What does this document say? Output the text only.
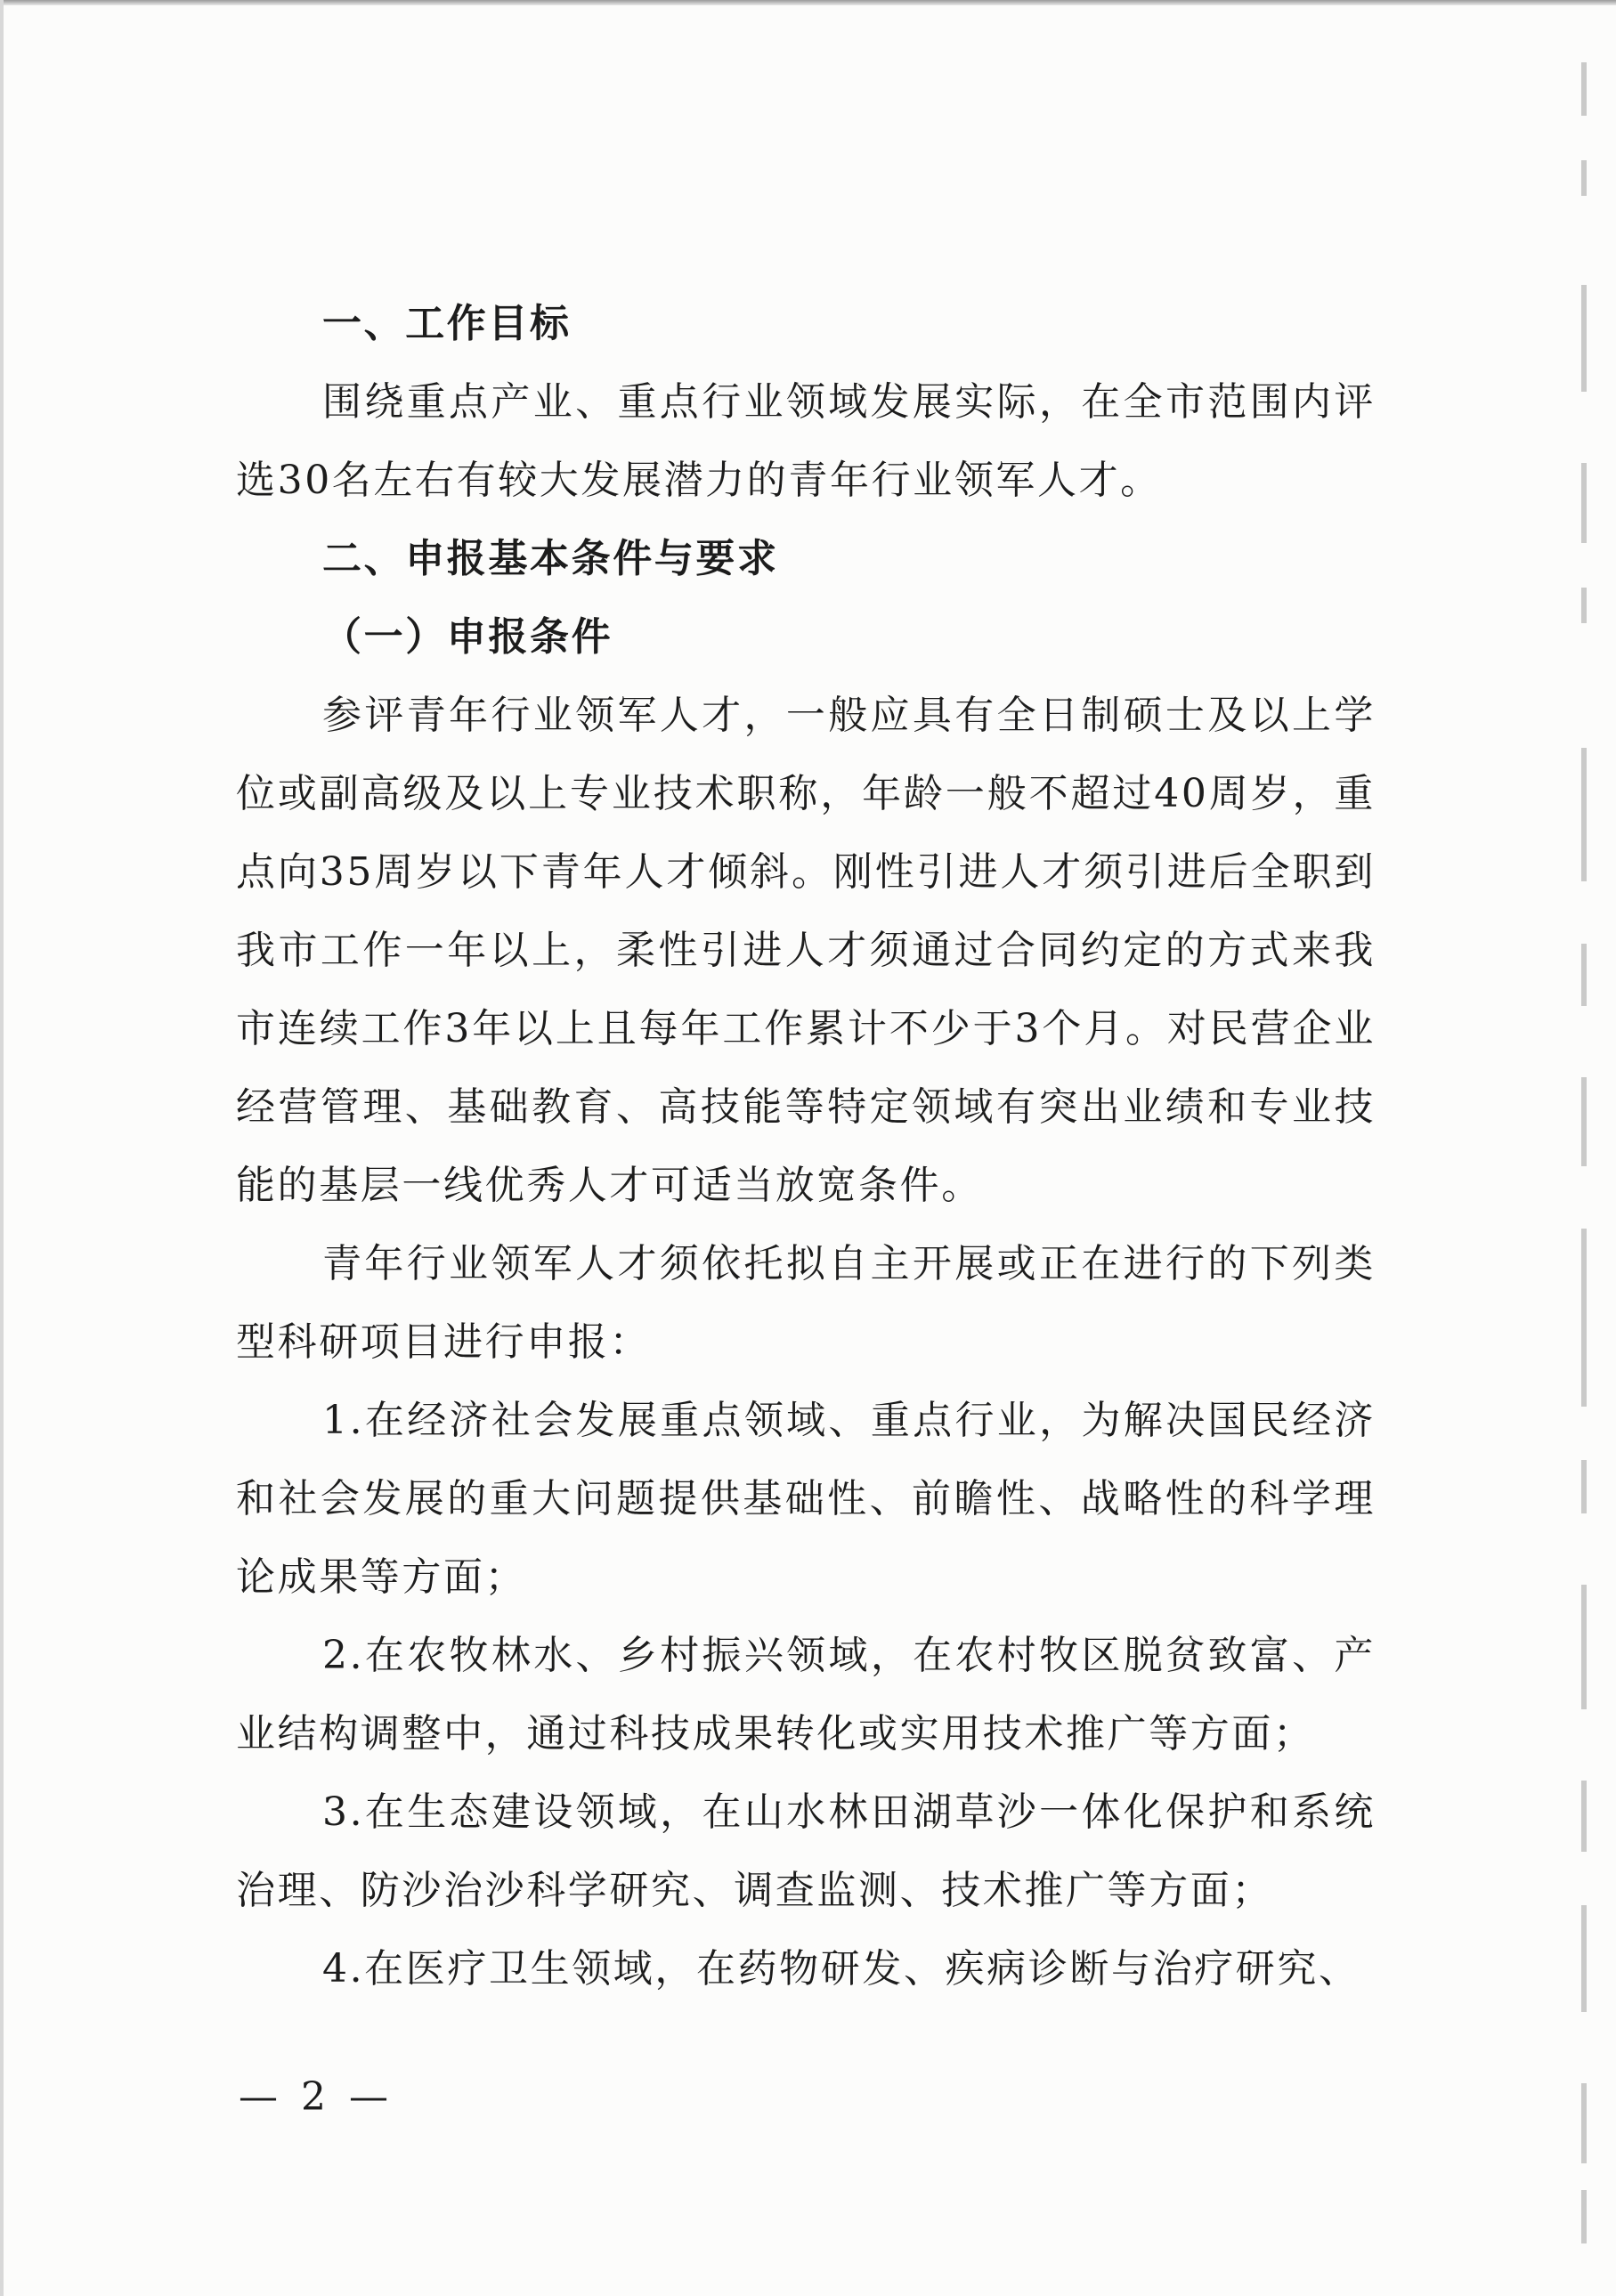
一、工作目标

围绕重点产业、重点行业领域发展实际，在全市范围内评选30名左右有较大发展潜力的青年行业领军人才。

二、申报基本条件与要求
（一）申报条件

参评青年行业领军人才，一般应具有全日制硕士及以上学位或副高级及以上专业技术职称，年龄一般不超过40周岁，重点向35周岁以下青年人才倾斜。刚性引进人才须引进后全职到我市工作一年以上，柔性引进人才须通过合同约定的方式来我市连续工作3年以上且每年工作累计不少于3个月。对民营企业经营管理、基础教育、高技能等特定领域有突出业绩和专业技能的基层一线优秀人才可适当放宽条件。

青年行业领军人才须依托拟自主开展或正在进行的下列类型科研项目进行申报：

1.在经济社会发展重点领域、重点行业，为解决国民经济和社会发展的重大问题提供基础性、前瞻性、战略性的科学理论成果等方面；

2.在农牧林水、乡村振兴领域，在农村牧区脱贫致富、产业结构调整中，通过科技成果转化或实用技术推广等方面；

3.在生态建设领域，在山水林田湖草沙一体化保护和系统治理、防沙治沙科学研究、调查监测、技术推广等方面；

4.在医疗卫生领域，在药物研发、疾病诊断与治疗研究、

— 2 —
